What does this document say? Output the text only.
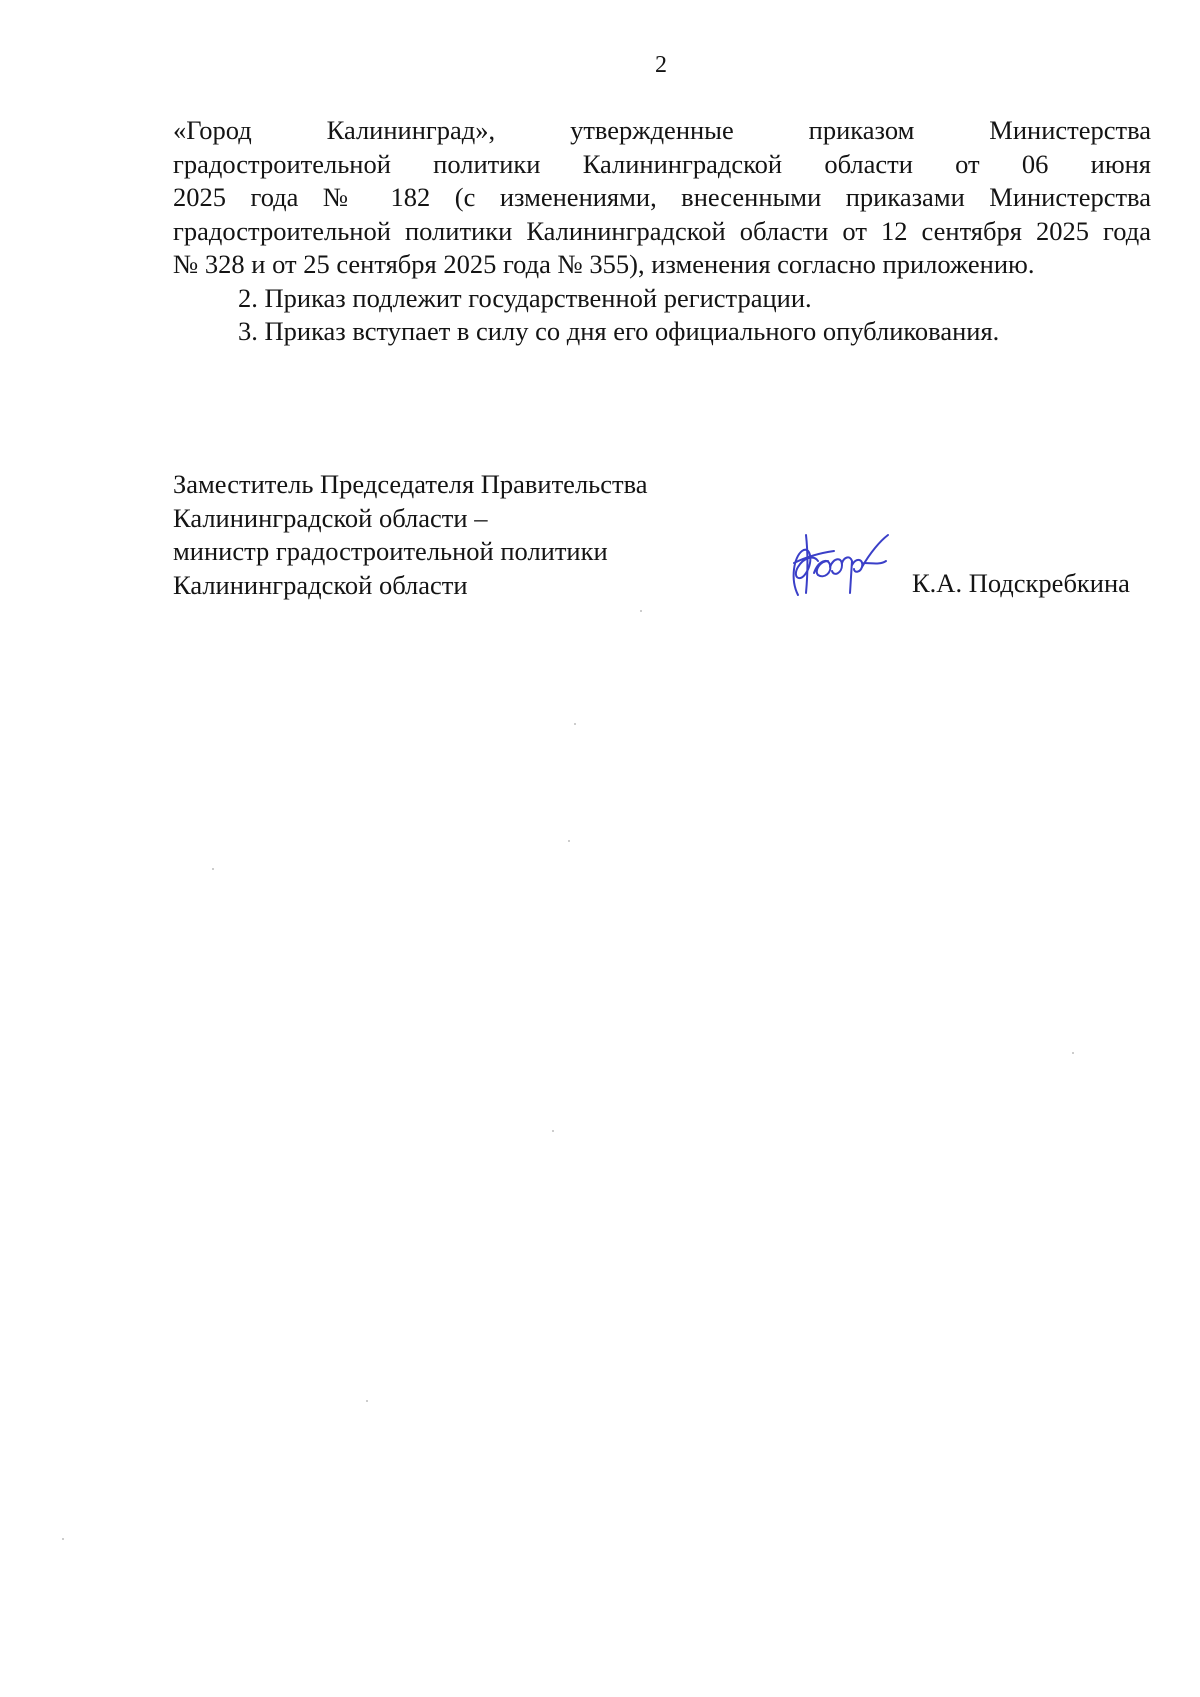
2
«Город Калининград», утвержденные приказом Министерства
градостроительной политики Калининградской области от 06 июня
2025 года № 182 (с изменениями, внесенными приказами Министерства
градостроительной политики Калининградской области от 12 сентября 2025 года
№ 328 и от 25 сентября 2025 года № 355), изменения согласно приложению.
2. Приказ подлежит государственной регистрации.
3. Приказ вступает в силу со дня его официального опубликования.
Заместитель Председателя Правительства
Калининградской области –
министр градостроительной политики
Калининградской области	К.А. Подскребкина
